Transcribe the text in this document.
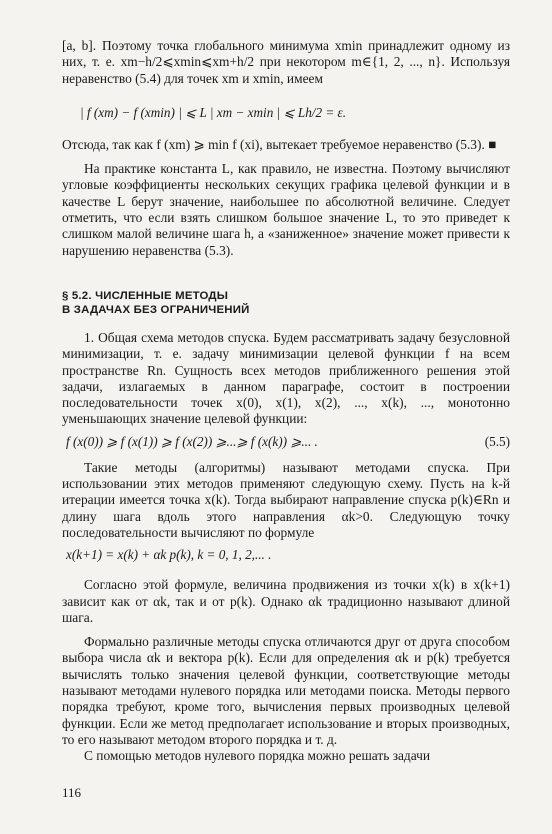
[a, b]. Поэтому точка глобального минимума xmin принадлежит одному из них, т. е. xm−h/2⩽xmin⩽xm+h/2 при некотором m∈{1, 2, ..., n}. Используя неравенство (5.4) для точек xm и xmin, имеем

| f (xm) − f (xmin) | ⩽ L | xm − xmin | ⩽ Lh/2 = ε.

Отсюда, так как f (xm) ⩾ min f (xi), вытекает требуемое неравенство (5.3). ■

На практике константа L, как правило, не известна. Поэтому вычисляют угловые коэффициенты нескольких секущих графика целевой функции и в качестве L берут значение, наибольшее по абсолютной величине. Следует отметить, что если взять слишком большое значение L, то это приведет к слишком малой величине шага h, а «заниженное» значение может привести к нарушению неравенства (5.3).

§ 5.2. ЧИСЛЕННЫЕ МЕТОДЫ
В ЗАДАЧАХ БЕЗ ОГРАНИЧЕНИЙ

1. Общая схема методов спуска. Будем рассматривать задачу безусловной минимизации, т. е. задачу минимизации целевой функции f на всем пространстве Rn. Сущность всех методов приближенного решения этой задачи, излагаемых в данном параграфе, состоит в построении последовательности точек x(0), x(1), x(2), ..., x(k), ..., монотонно уменьшающих значение целевой функции:

f (x(0)) ⩾ f (x(1)) ⩾ f (x(2)) ⩾...⩾ f (x(k)) ⩾... .	(5.5)

Такие методы (алгоритмы) называют методами спуска. При использовании этих методов применяют следующую схему. Пусть на k-й итерации имеется точка x(k). Тогда выбирают направление спуска p(k)∈Rn и длину шага вдоль этого направления αk>0. Следующую точку последовательности вычисляют по формуле

x(k+1) = x(k) + αk p(k), k = 0, 1, 2,... .

Согласно этой формуле, величина продвижения из точки x(k) в x(k+1) зависит как от αk, так и от p(k). Однако αk традиционно называют длиной шага.

Формально различные методы спуска отличаются друг от друга способом выбора числа αk и вектора p(k). Если для определения αk и p(k) требуется вычислять только значения целевой функции, соответствующие методы называют методами нулевого порядка или методами поиска. Методы первого порядка требуют, кроме того, вычисления первых производных целевой функции. Если же метод предполагает использование и вторых производных, то его называют методом второго порядка и т. д.

С помощью методов нулевого порядка можно решать задачи

116
